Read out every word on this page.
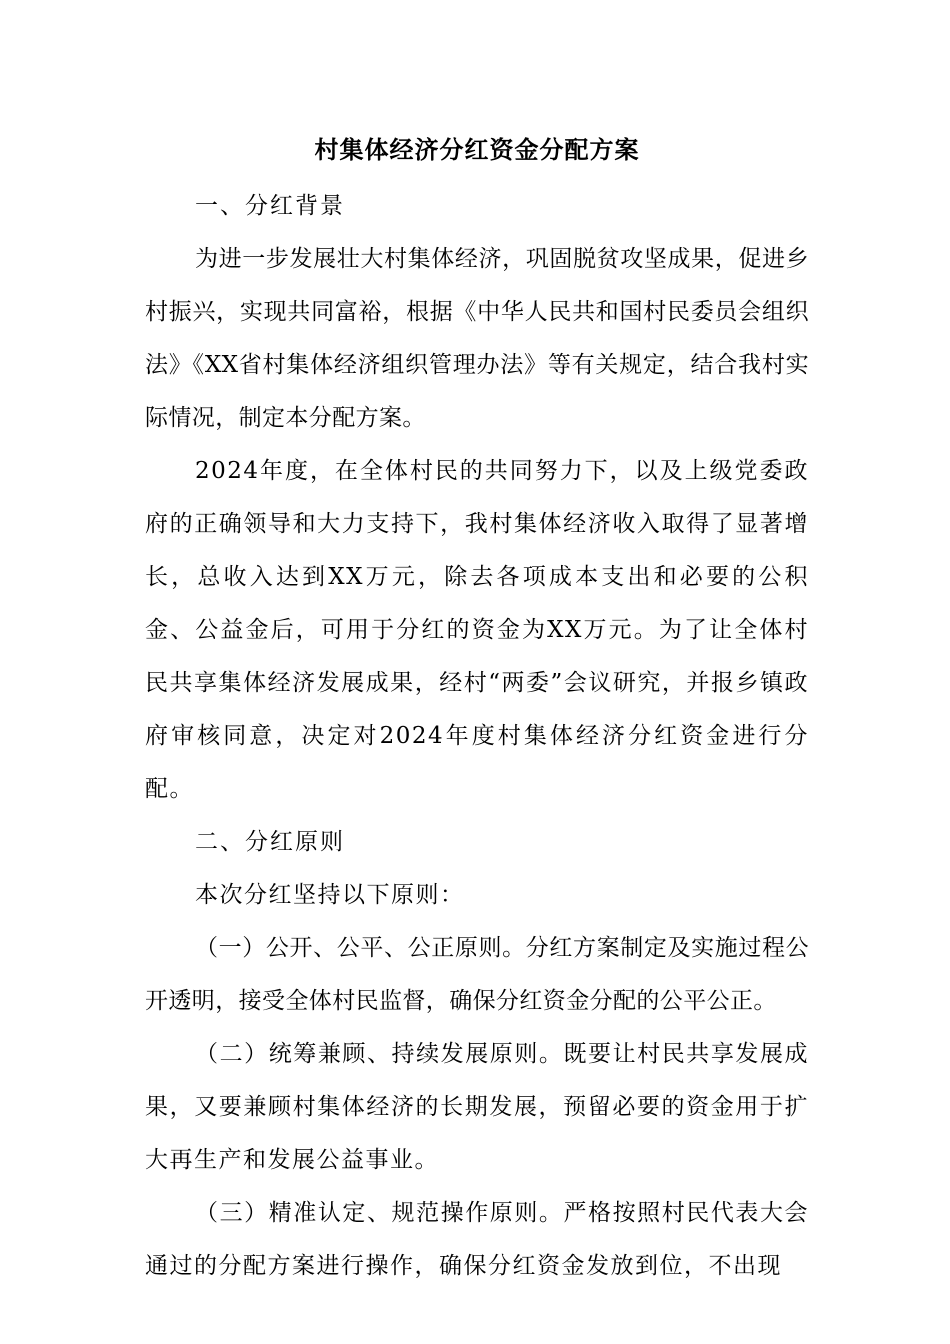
村集体经济分红资金分配方案

一、分红背景

为进一步发展壮大村集体经济，巩固脱贫攻坚成果，促进乡村振兴，实现共同富裕，根据《中华人民共和国村民委员会组织法》《XX省村集体经济组织管理办法》等有关规定，结合我村实际情况，制定本分配方案。

2024年度，在全体村民的共同努力下，以及上级党委政府的正确领导和大力支持下，我村集体经济收入取得了显著增长，总收入达到XX万元，除去各项成本支出和必要的公积金、公益金后，可用于分红的资金为XX万元。为了让全体村民共享集体经济发展成果，经村“两委”会议研究，并报乡镇政府审核同意，决定对2024年度村集体经济分红资金进行分配。

二、分红原则

本次分红坚持以下原则：

（一）公开、公平、公正原则。分红方案制定及实施过程公开透明，接受全体村民监督，确保分红资金分配的公平公正。

（二）统筹兼顾、持续发展原则。既要让村民共享发展成果，又要兼顾村集体经济的长期发展，预留必要的资金用于扩大再生产和发展公益事业。

（三）精准认定、规范操作原则。严格按照村民代表大会通过的分配方案进行操作，确保分红资金发放到位，不出现
